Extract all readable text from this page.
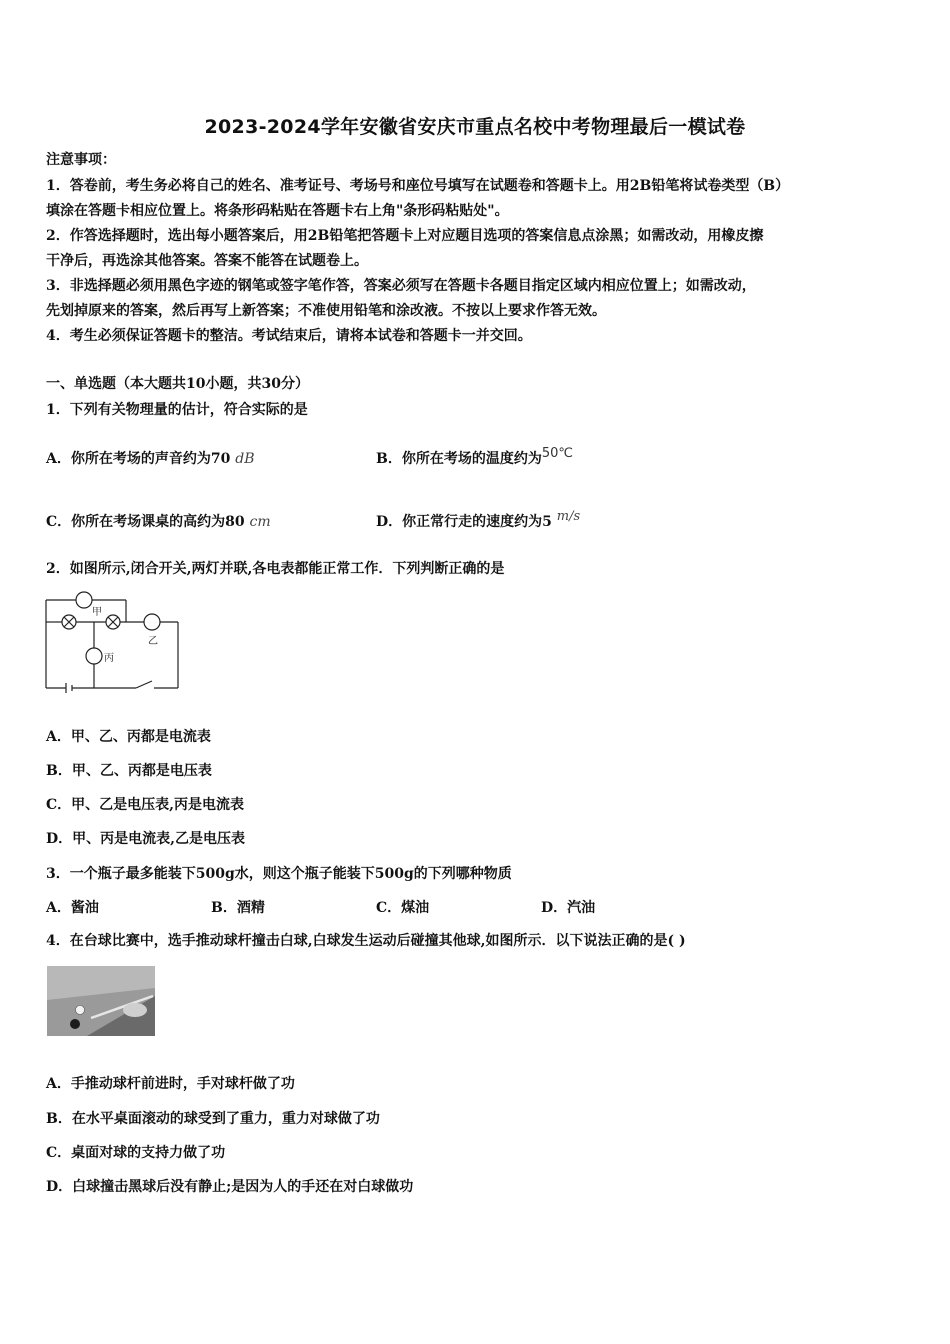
2023-2024学年安徽省安庆市重点名校中考物理最后一模试卷
注意事项：
1．答卷前，考生务必将自己的姓名、准考证号、考场号和座位号填写在试题卷和答题卡上。用2B铅笔将试卷类型（B）
填涂在答题卡相应位置上。将条形码粘贴在答题卡右上角"条形码粘贴处"。
2．作答选择题时，选出每小题答案后，用2B铅笔把答题卡上对应题目选项的答案信息点涂黑；如需改动，用橡皮擦
干净后，再选涂其他答案。答案不能答在试题卷上。
3．非选择题必须用黑色字迹的钢笔或签字笔作答，答案必须写在答题卡各题目指定区域内相应位置上；如需改动，
先划掉原来的答案，然后再写上新答案；不准使用铅笔和涂改液。不按以上要求作答无效。
4．考生必须保证答题卡的整洁。考试结束后，请将本试卷和答题卡一并交回。
一、单选题（本大题共10小题，共30分）
1．下列有关物理量的估计，符合实际的是
A．你所在考场的声音约为70 dB	B．你所在考场的温度约为50℃
C．你所在考场课桌的高约为80 cm	D．你正常行走的速度约为5 m/s
2．如图所示,闭合开关,两灯并联,各电表都能正常工作．下列判断正确的是
甲
乙
丙
A．甲、乙、丙都是电流表
B．甲、乙、丙都是电压表
C．甲、乙是电压表,丙是电流表
D．甲、丙是电流表,乙是电压表
3．一个瓶子最多能装下500g水，则这个瓶子能装下500g的下列哪种物质
A．酱油	B．酒精	C．煤油	D．汽油
4．在台球比赛中，选手推动球杆撞击白球,白球发生运动后碰撞其他球,如图所示．以下说法正确的是( )
A．手推动球杆前进时，手对球杆做了功
B．在水平桌面滚动的球受到了重力，重力对球做了功
C．桌面对球的支持力做了功
D．白球撞击黑球后没有静止;是因为人的手还在对白球做功
